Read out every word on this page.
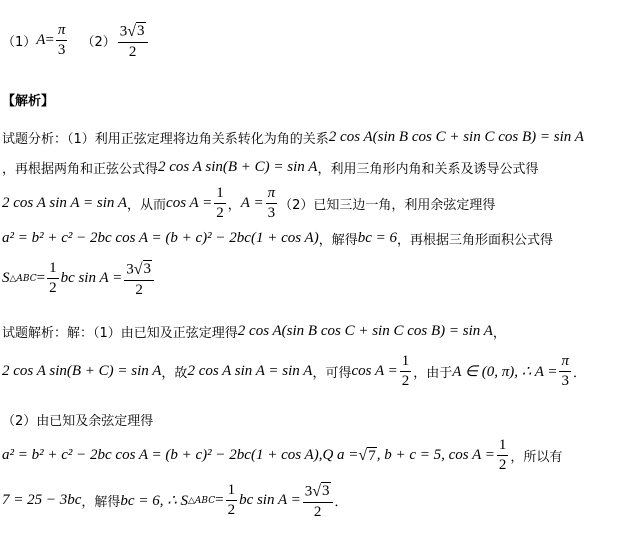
（1） $A = \frac{\pi}{3} (2) \frac{3 √ 3}{2}$
【解析】
试题分析：（1）利用正弦定理将边角关系转化为角的关系 2 cos A(sin B cos C + sin C cos B) = sin A
，再根据两角和正弦公式得 2 cos A sin(B + C) = sin A ，利用三角形内角和关系及诱导公式得
2 cos A sin A = sin A ，从而 $\cos A = \frac{1}{2}$ ， $A = \frac{\pi}{3} (2)$已知三边一角，利用余弦定理得
a² = b² + c² − 2bc cos A = (b + c)² − 2bc(1 + cos A) ，解得 bc = 6 ，再根据三角形面积公式得
S △ABC = $\frac{1}{2}$ bc $\sin A = \frac{3 √ 3}{2}$
试题解析：解：（1）由已知及正弦定理得 2 cos A(sin B cos C + sin C cos B) = sin A ，
2 cos A sin(B + C) = sin A ，故 2 cos A sin A = sin A ，可得 $\cos A = \frac{1}{2}$ ，由于 A ∈ (0, π), ∴ $A = \frac{\pi}{3}$ ．
（2）由已知及余弦定理得
a² = b² + c² − 2bc cos A = (b + c)² − 2bc(1 + cos A),Q a = √ 7 , b + c = 5, $\cos A = \frac{1}{2}$ ，所以有
7 = 25 − 3bc ，解得 bc = 6, ∴ S △ABC = $\frac{1}{2}$ bc $\sin A = \frac{3 √ 3}{2}$ ．
